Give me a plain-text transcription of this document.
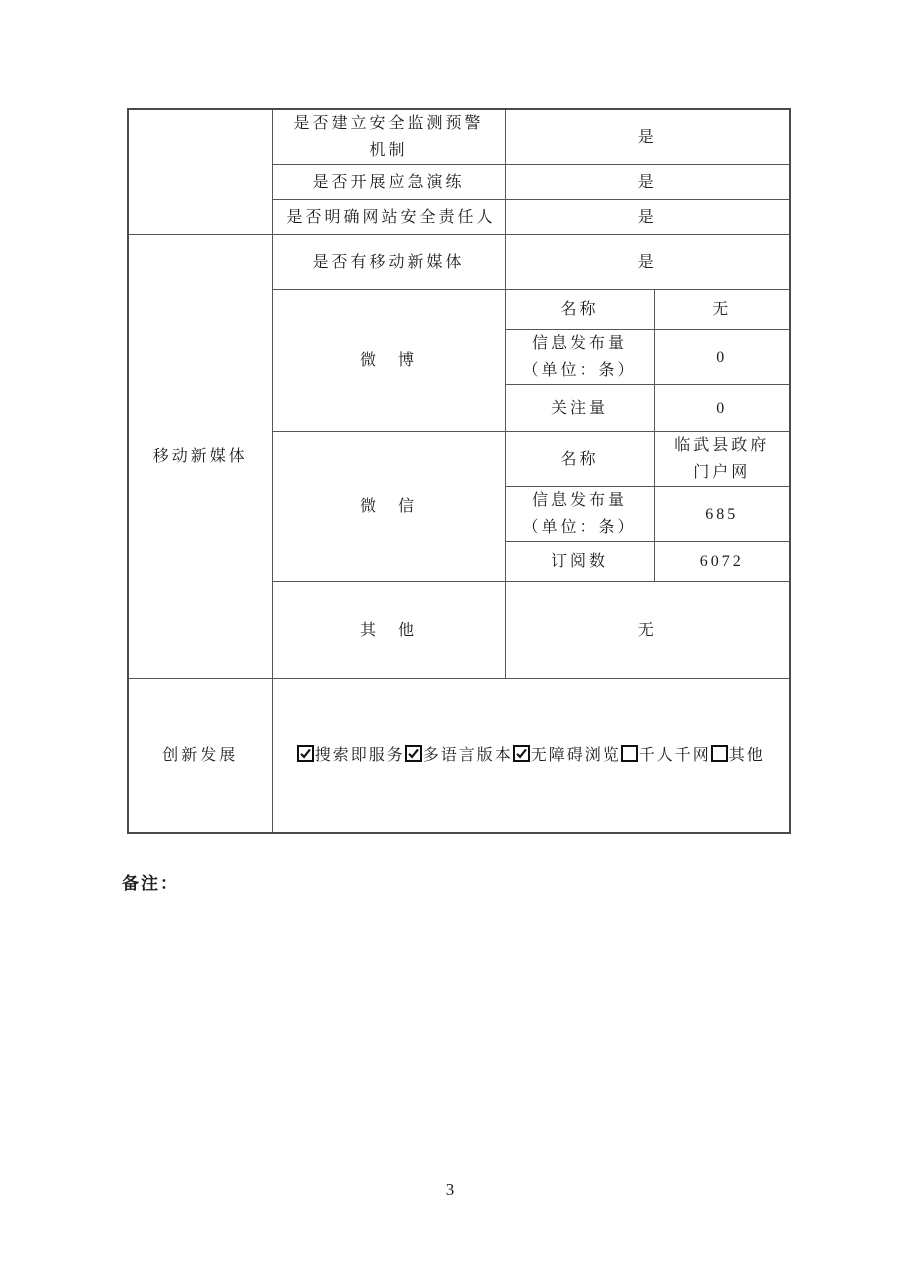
	是否建立安全监测预警机制	是	

	是否开展应急演练	是	

	是否明确网站安全责任人	是	
移动新媒体	是否有移动新媒体	是	
	微　博	名称	无

		信息发布量
（单位：条）	0

		关注量	0
	微　信	名称	临武县政府门户网

		信息发布量
（单位：条）	685

		订阅数	6072
	其　他	无	
创新发展	搜索即服务 多语言版本 无障碍浏览 千人千网 其他		
备注：
3
